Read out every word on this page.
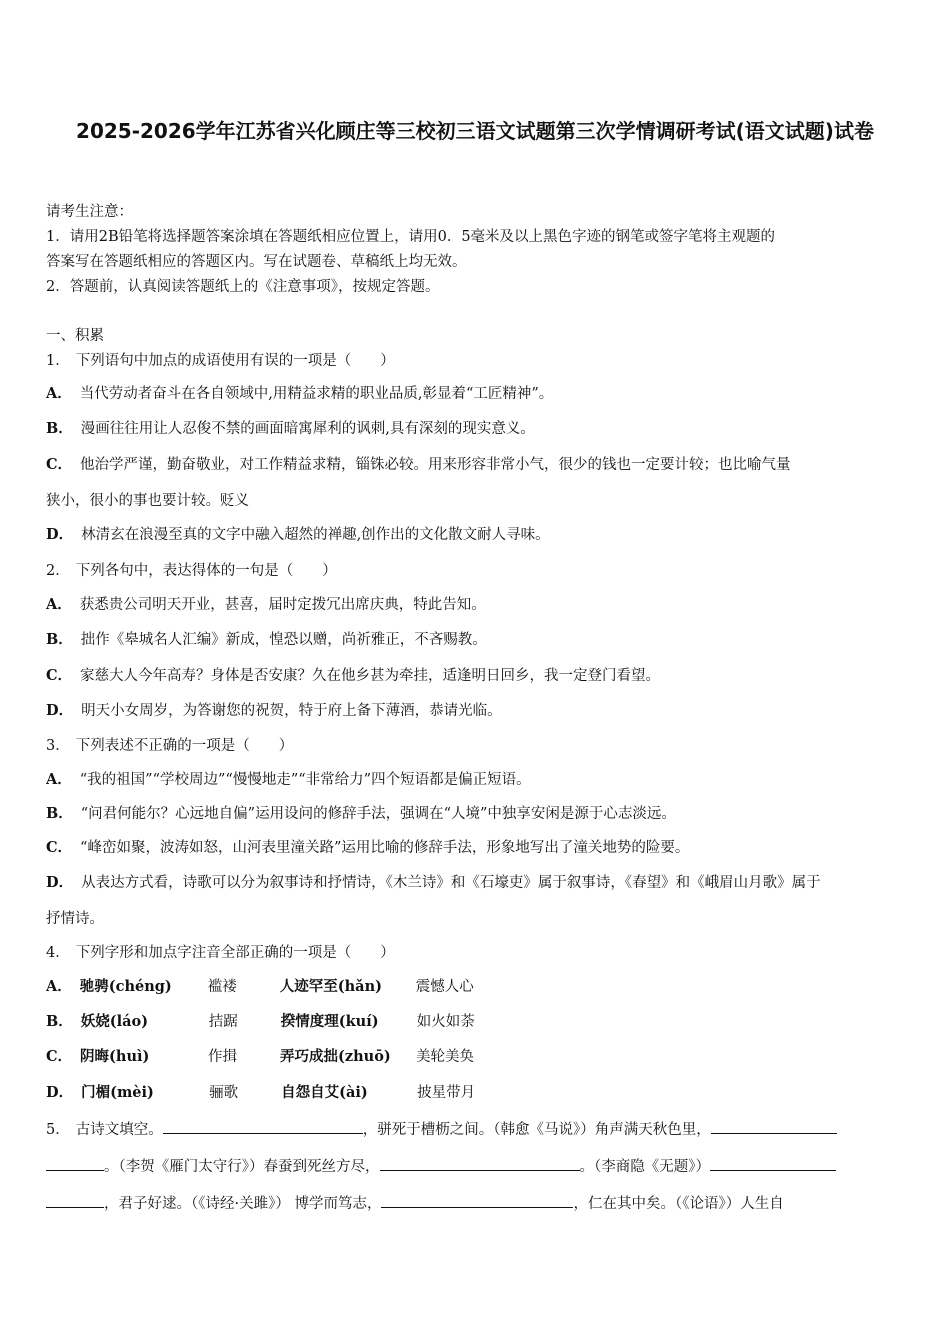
2025-2026学年江苏省兴化顾庄等三校初三语文试题第三次学情调研考试(语文试题)试卷
请考生注意：
1．请用2B铅笔将选择题答案涂填在答题纸相应位置上，请用0．5毫米及以上黑色字迹的钢笔或签字笔将主观题的
答案写在答题纸相应的答题区内。写在试题卷、草稿纸上均无效。
2．答题前，认真阅读答题纸上的《注意事项》，按规定答题。
一、积累
1． 下列语句中加点的成语使用有误的一项是（　　）
A． 当代劳动者奋斗在各自领域中,用精益求精的职业品质,彰显着“工匠精神”。
B． 漫画往往用让人忍俊不禁的画面暗寓犀利的讽刺,具有深刻的现实意义。
C． 他治学严谨，勤奋敬业，对工作精益求精，锱铢必较。用来形容非常小气，很少的钱也一定要计较；也比喻气量
狭小，很小的事也要计较。贬义
D． 林清玄在浪漫至真的文字中融入超然的禅趣,创作出的文化散文耐人寻味。
2． 下列各句中，表达得体的一句是（　　）
A． 获悉贵公司明天开业，甚喜，届时定拨冗出席庆典，特此告知。
B． 拙作《皋城名人汇编》新成，惶恐以赠，尚祈雅正，不吝赐教。
C． 家慈大人今年高寿？身体是否安康？久在他乡甚为牵挂，适逢明日回乡，我一定登门看望。
D． 明天小女周岁，为答谢您的祝贺，特于府上备下薄酒，恭请光临。
3． 下列表述不正确的一项是（　　）
A． “我的祖国”“学校周边”“慢慢地走”“非常给力”四个短语都是偏正短语。
B． “问君何能尔？心远地自偏”运用设问的修辞手法，强调在“人境”中独享安闲是源于心志淡远。
C． “峰峦如聚，波涛如怒，山河表里潼关路”运用比喻的修辞手法，形象地写出了潼关地势的险要。
D． 从表达方式看，诗歌可以分为叙事诗和抒情诗，《木兰诗》和《石壕吏》属于叙事诗，《春望》和《峨眉山月歌》属于
抒情诗。
4． 下列字形和加点字注音全部正确的一项是（　　）
A． 驰骋(chéng) 褴褛	人迹罕至(hǎn) 震憾人心
B． 妖娆(láo)	拮踞	揆情度理(kuí)	如火如荼
C． 阴晦(huì)	作揖	弄巧成拙(zhuō) 美轮美奂
D． 门楣(mèi)	骊歌	自怨自艾(ài)	披星带月
5． 古诗文填空。	，骈死于槽枥之间。（韩愈《马说》）角声满天秋色里，
。（李贺《雁门太守行》）春蚕到死丝方尽，	。（李商隐《无题》）
，君子好逑。（《诗经·关雎》） 博学而笃志，	，仁在其中矣。（《论语》）人生自
